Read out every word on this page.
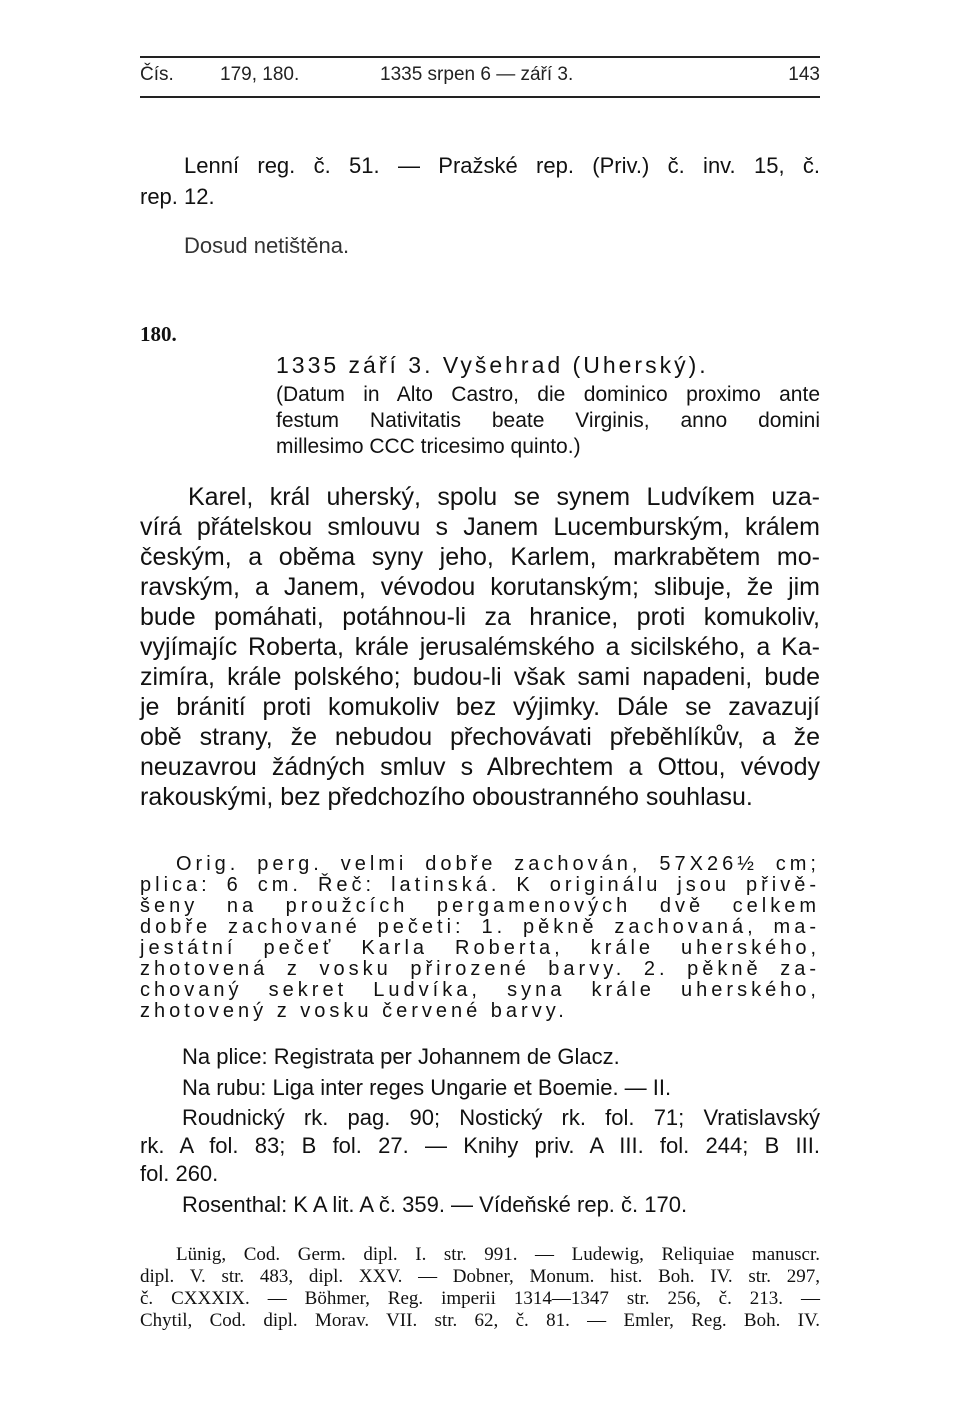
Čís. 179, 180.	1335 srpen 6 — září 3.	143
Lenní reg. č. 51. — Pražské rep. (Priv.) č. inv. 15, č.
rep. 12.
Dosud netištěna.
180.
1335 září 3. Vyšehrad (Uherský).
(Datum in Alto Castro, die dominico proximo ante
festum Nativitatis beate Virginis, anno domini
millesimo CCC tricesimo quinto.)
Karel, král uherský, spolu se synem Ludvíkem uza-
vírá přátelskou smlouvu s Janem Lucemburským, králem
českým, a oběma syny jeho, Karlem, markrabětem mo-
ravským, a Janem, vévodou korutanským; slibuje, že jim
bude pomáhati, potáhnou-li za hranice, proti komukoliv,
vyjímajíc Roberta, krále jerusalémského a sicilského, a Ka-
zimíra, krále polského; budou-li však sami napadeni, bude
je bránití proti komukoliv bez výjimky. Dále se zavazují
obě strany, že nebudou přechovávati přeběhlíkův, a že
neuzavrou žádných smluv s Albrechtem a Ottou, vévody
rakouskými, bez předchozího oboustranného souhlasu.
Orig. perg. velmi dobře zachován, 57X26½ cm;
plica: 6 cm. Řeč: latinská. K originálu jsou přivě-
šeny na proužcích pergamenových dvě celkem
dobře zachované pečeti: 1. pěkně zachovaná, ma-
jestátní pečeť Karla Roberta, krále uherského,
zhotovená z vosku přirozené barvy. 2. pěkně za-
chovaný sekret Ludvíka, syna krále uherského,
zhotovený z vosku červené barvy.
Na plice: Registrata per Johannem de Glacz.
Na rubu: Liga inter reges Ungarie et Boemie. — II.
Roudnický rk. pag. 90; Nostický rk. fol. 71; Vratislavský
rk. A fol. 83; B fol. 27. — Knihy priv. A III. fol. 244; B III.
fol. 260.
Rosenthal: K A lit. A č. 359. — Vídeňské rep. č. 170.
Lünig, Cod. Germ. dipl. I. str. 991. — Ludewig, Reliquiae manuscr.
dipl. V. str. 483, dipl. XXV. — Dobner, Monum. hist. Boh. IV. str. 297,
č. CXXXIX. — Böhmer, Reg. imperii 1314—1347 str. 256, č. 213. —
Chytil, Cod. dipl. Morav. VII. str. 62, č. 81. — Emler, Reg. Boh. IV.
